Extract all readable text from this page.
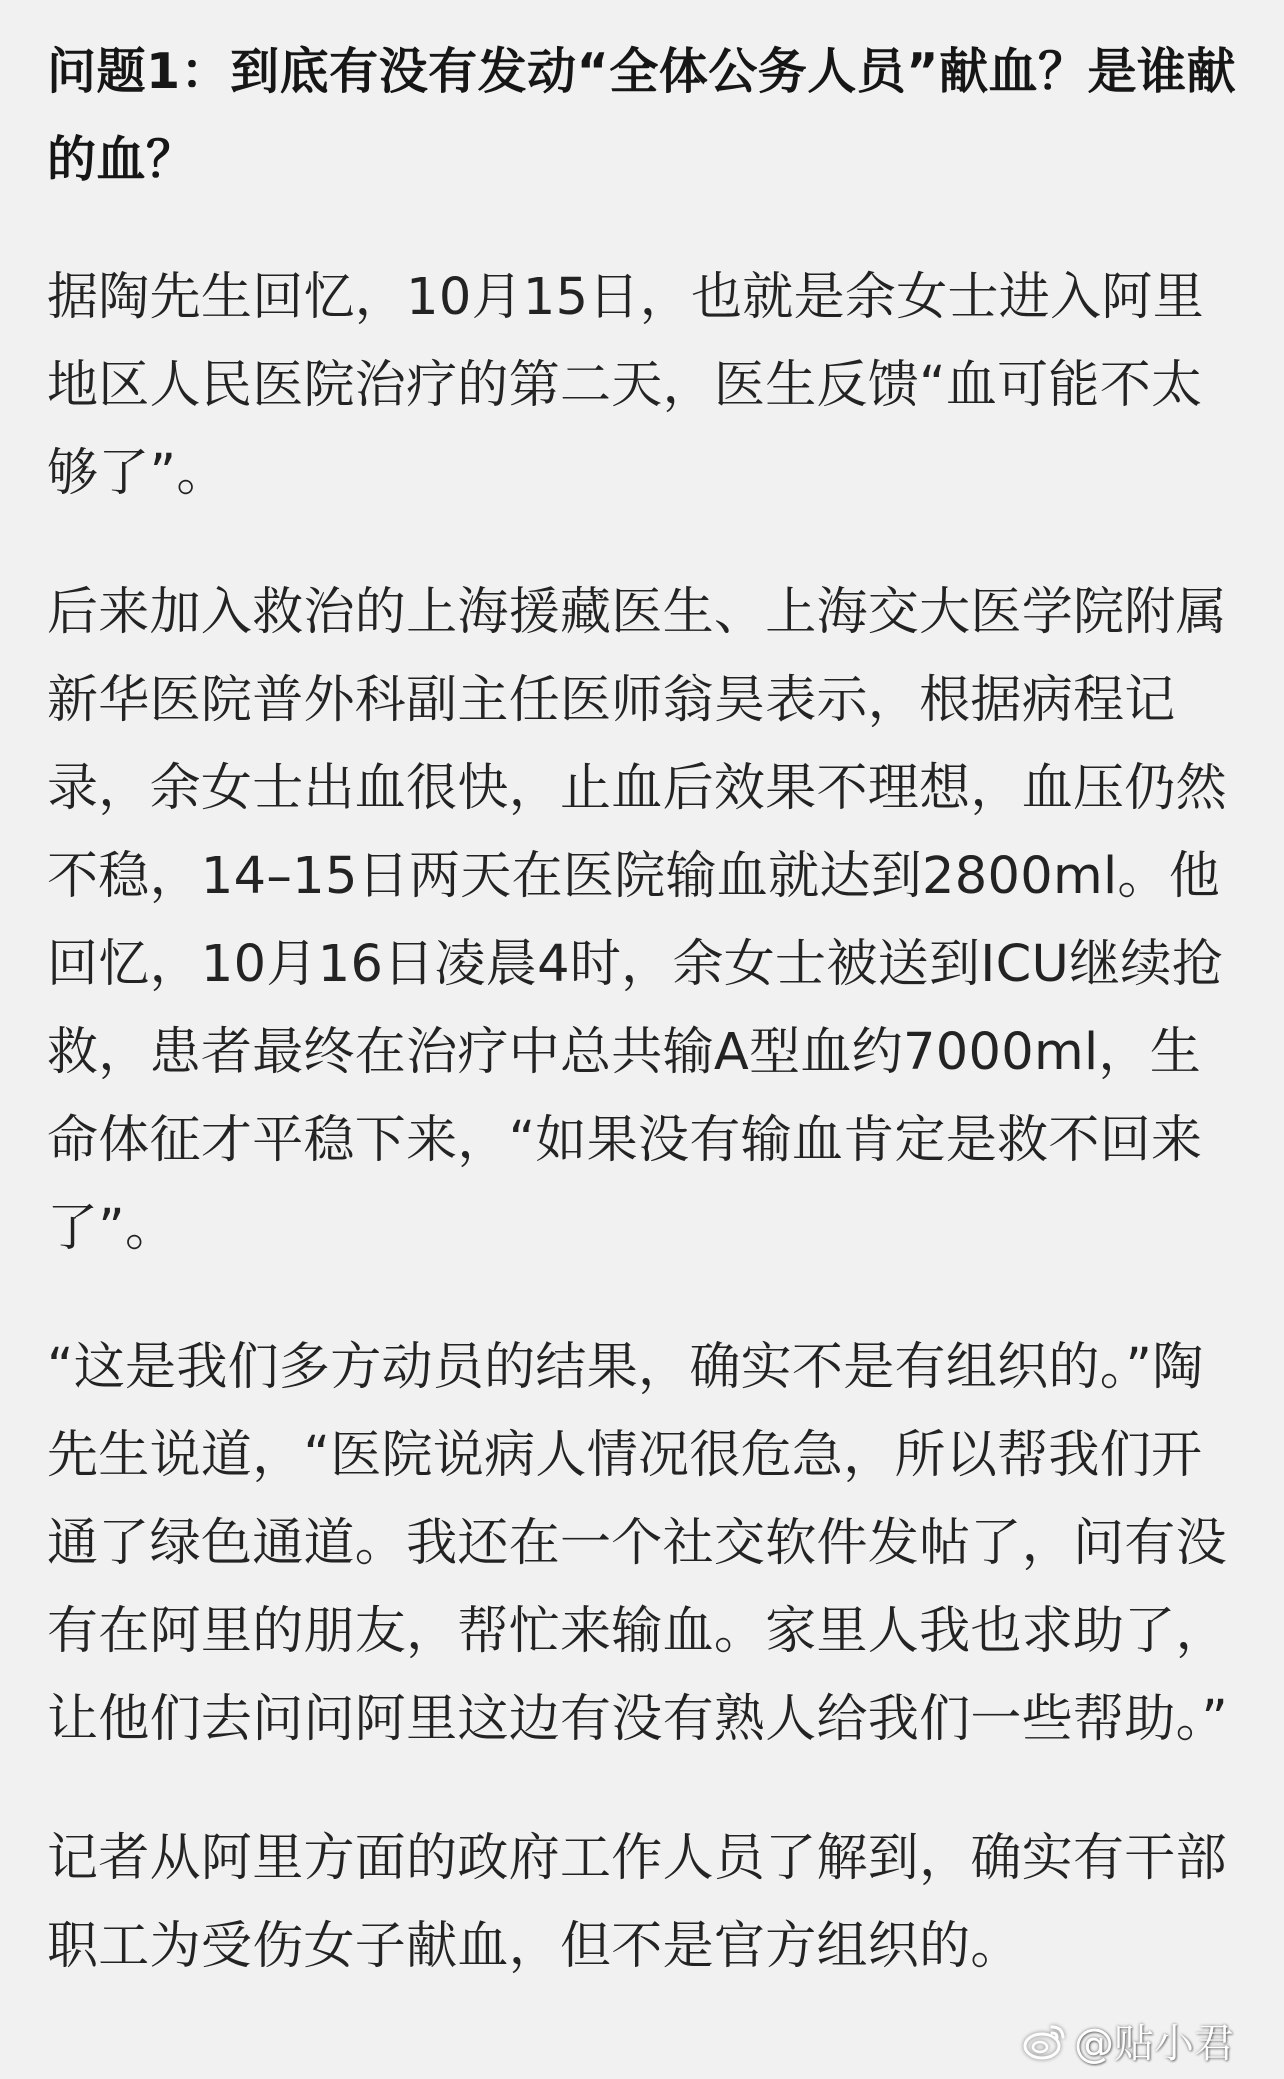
问题1：到底有没有发动“全体公务人员”献血？是谁献的血？

据陶先生回忆，10月15日，也就是余女士进入阿里地区人民医院治疗的第二天，医生反馈“血可能不太够了”。

后来加入救治的上海援藏医生、上海交大医学院附属新华医院普外科副主任医师翁昊表示，根据病程记录，余女士出血很快，止血后效果不理想，血压仍然不稳，14–15日两天在医院输血就达到2800ml。他回忆，10月16日凌晨4时，余女士被送到ICU继续抢救，患者最终在治疗中总共输A型血约7000ml，生命体征才平稳下来，“如果没有输血肯定是救不回来了”。

“这是我们多方动员的结果，确实不是有组织的。”陶先生说道，“医院说病人情况很危急，所以帮我们开通了绿色通道。我还在一个社交软件发帖了，问有没有在阿里的朋友，帮忙来输血。家里人我也求助了，让他们去问问阿里这边有没有熟人给我们一些帮助。”

记者从阿里方面的政府工作人员了解到，确实有干部职工为受伤女子献血，但不是官方组织的。

@贴小君
